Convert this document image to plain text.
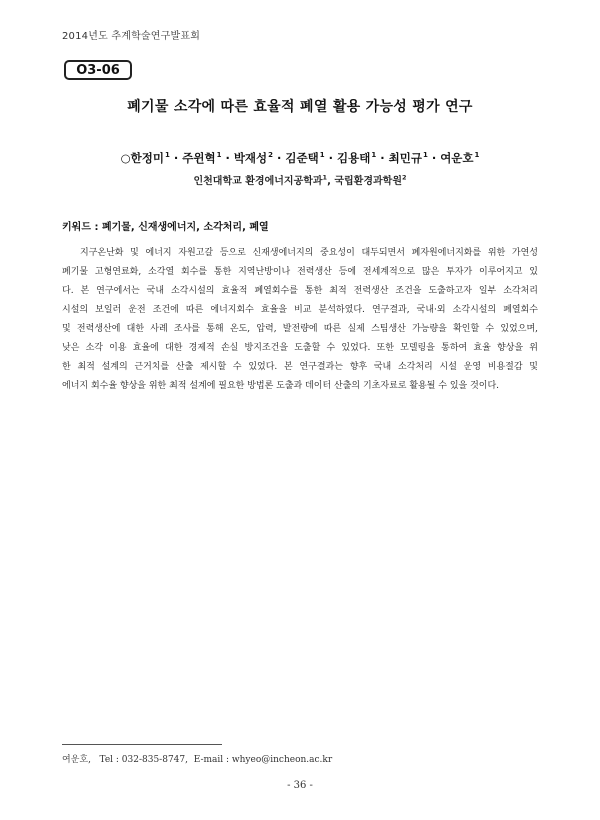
2014년도 추계학술연구발표회
O3-06
폐기물 소각에 따른 효율적 폐열 활용 가능성 평가 연구
○한정미$^1$ · 주윈혁$^1$ · 박재성$^2$ · 김준택$^1$ · 김용태$^1$ · 최민규$^1$ · 여운호$^1$
인천대학교 환경에너지공학과$^1$, 국립환경과학원$^2$
키워드 : 폐기물, 신재생에너지, 소각처리, 폐열
지구온난화 및 에너지 자원고갈 등으로 신재생에너지의 중요성이 대두되면서 폐자원에너지화를 위한 가연성
폐기물 고형연료화, 소각열 회수를 통한 지역난방이나 전력생산 등에 전세계적으로 많은 투자가 이루어지고 있
다. 본 연구에서는 국내 소각시설의 효율적 폐열회수를 통한 최적 전력생산 조건을 도출하고자 일부 소각처리
시설의 보일러 운전 조건에 따른 에너지회수 효율을 비교 분석하였다. 연구결과, 국내·외 소각시설의 폐열회수
및 전력생산에 대한 사례 조사를 통해 온도, 압력, 발전량에 따른 실제 스팀생산 가능량을 확인할 수 있었으며,
낮은 소각 이용 효율에 대한 경제적 손실 방지조건을 도출할 수 있었다. 또한 모델링을 통하여 효율 향상을 위
한 최적 설계의 근거치를 산출 제시할 수 있었다. 본 연구결과는 향후 국내 소각처리 시설 운영 비용절감 및
에너지 회수율 향상을 위한 최적 설계에 필요한 방법론 도출과 데이터 산출의 기초자료로 활용될 수 있을 것이다.
여운호,   Tel : 032-835-8747,  E-mail : whyeo@incheon.ac.kr
- 36 -
